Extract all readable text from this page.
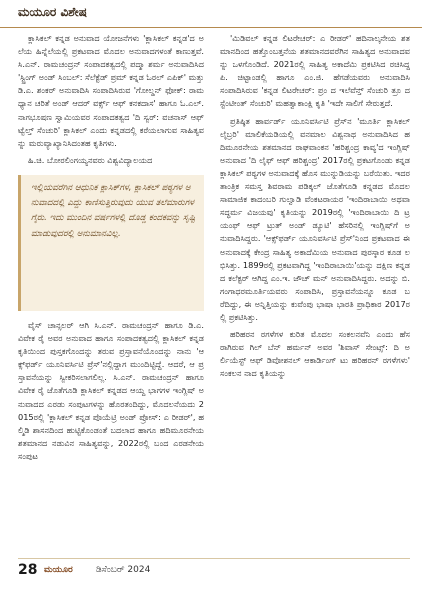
ಮಯೂರ ವಿಶೇಷ

ಕ್ಲಾಸಿಕಲ್ ಕನ್ನಡ ಅನುವಾದ ಯೋಜನೆಗಳು 'ಕ್ಲಾಸಿಕಲ್ ಕನ್ನಡ'ದ ಅಲೆಯ ಹಿನ್ನೆಲೆಯಲ್ಲಿ ಪ್ರಕಟವಾದ ಮೊದಲ ಅನುವಾದಗಳಂತೆ ಕಾಣುತ್ತವೆ. ಸಿ.ಎನ್. ರಾಮಚಂದ್ರನ್ ಸಂಪಾದಕತ್ವದಲ್ಲಿ ಪದ್ಮಾ ಶರ್ಮ ಅನುವಾದಿಸಿದ 'ಸ್ಟ್ರಿಂಗ್ ಅಂಡ್ ಸಿಂಬಲ್: ಸೆಲೆಕ್ಟೆಡ್ ಪ್ರಮ್ ಕನ್ನಡ ಓರಲ್ ಎಪಿಕ್' ಮತ್ತು ಡಿ.ಎ. ಶಂಕರ್ ಅನುವಾದಿಸಿ ಸಂಪಾದಿಸಿರುವ 'ಗೋಲ್ಡನ್ ಫೋಕ್: ರಾಮಧ್ಯಾನ ಚರಿತೆ ಅಂಡ್ ಆದರ್ ವರ್ಕ್ಸ್ ಆಫ್ ಕನಕದಾಸ' ಹಾಗೂ ಓ.ಎಲ್. ನಾಗಭೂಷಣ ಸ್ವಾಮಿಯವರ ಸಂಪಾದಕತ್ವದ 'ದಿ ಸ್ವರ್: ವಚನಾಸ್ ಆಫ್ ಟ್ವೆಲ್ತ್ ಸೆಂಚುರಿ' ಕ್ಲಾಸಿಕಲ್ ಎಂದು ಕನ್ನಡದಲ್ಲಿ ಕರೆಯಲಾಗುವ ಸಾಹಿತ್ಯವನ್ನು ಮರುವ್ಯಾಖ್ಯಾನಿಸಿದಂತಹ ಕೃತಿಗಳು.

ಹಿ.ಚಿ. ಬೋರಲಿಂಗಯ್ಯನವರು ವಿಶ್ವವಿದ್ಯಾಲಯದ

ಇಲ್ಲಿಯವರೆಗಿನ ಆಧುನಿಕ ಕ್ಲಾಸಿಕ್‌ಗಳ, ಕ್ಲಾಸಿಕಲ್ ಪಠ್ಯಗಳ ಅನುವಾದದಲ್ಲಿ ಎದ್ದು ಕಾಣಿಸುತ್ತಿರುವುದು ಯುವ ತಲೆಮಾರುಗಳ ಗೈರು. ಇದು ಮುಂದಿನ ವರ್ಷಗಳಲ್ಲಿ ದೊಡ್ಡ ಕಂದಕವನ್ನು ಸೃಷ್ಟಿ ಮಾಡುವುದರಲ್ಲಿ ಅನುಮಾನವಿಲ್ಲ.

ವೈಸ್ ಚಾನ್ಸಲರ್ ಆಗಿ ಸಿ.ಎನ್. ರಾಮಚಂದ್ರನ್ ಹಾಗೂ ಡಿ.ಎ. ವಿವೇಕ ರೈ ಅವರ ಅನುವಾದ ಹಾಗೂ ಸಂಪಾದಕತ್ವದಲ್ಲಿ ಕ್ಲಾಸಿಕಲ್ ಕನ್ನಡ ಕೃತಿಯಿಂದ ಪುಸ್ತಕಗೊಂದನ್ನು ತರುವ ಪ್ರಸ್ತಾವನೆಯೊಂದನ್ನು ನಾನು 'ಆಕ್ಸ್‌ಫರ್ಡ್ ಯೂನಿವರ್ಸಿಟಿ ಪ್ರೆಸ್'ನಲ್ಲಿದ್ದಾಗ ಮುಂದಿಟ್ಟಿದ್ದೆ. ಆದರೆ, ಆ ಪ್ರಸ್ತಾವನೆಯನ್ನು ಸ್ವೀಕರಿಸಲಾಗಲಿಲ್ಲ. ಸಿ.ಎನ್. ರಾಮಚಂದ್ರನ್ ಹಾಗೂ ವಿವೇಕ ರೈ ಜೊತೆಗೂಡಿ ಕ್ಲಾಸಿಕಲ್ ಕನ್ನಡದ ಆಯ್ದ ಭಾಗಗಳ ಇಂಗ್ಲಿಷ್ ಅನುವಾದದ ಎರಡು ಸಂಪುಟಗಳನ್ನು ಹೊರತಂದಿದ್ದು, ಮೊದಲನೆಯದು 2015ರಲ್ಲಿ 'ಕ್ಲಾಸಿಕಲ್ ಕನ್ನಡ ಪೊಯೆಟ್ರಿ ಅಂಡ್ ಪ್ರೋಸ್: ಎ ರೀಡರ್', ಹಲ್ಮಿಡಿ ಶಾಸನದಿಂದ ಹುಟ್ಟಿಕೊಂಡಂತೆ ಬದಲಾದ ಹಾಗೂ ಹದಿಮೂರನೇಯ ಶತಮಾನದ ನಡುವಿನ ಸಾಹಿತ್ಯವನ್ನು, 2022ರಲ್ಲಿ ಬಂದ ಎರಡನೇಯ ಸಂಪುಟ

'ಮಿಡಿವಲ್ ಕನ್ನಡ ಲಿಟರೇಚರ್: ಎ ರೀಡರ್' ಹದಿನಾಲ್ಕನೇಯ ಶತಮಾನದಿಂದ ಹತ್ತೊಂಬತ್ತನೆಯ ಶತಮಾನದವರೆಗಿನ ಸಾಹಿತ್ಯದ ಅನುವಾದವನ್ನು ಒಳಗೊಂಡಿದೆ. 2021ರಲ್ಲಿ ಸಾಹಿತ್ಯ ಅಕಾದೆಮಿ ಪ್ರಕಟಿಸಿದ ರಚಿಸಿದ್ದ ಪಿ. ಚಿಟ್ಟಾಂಡಲ್ಲಿ ಹಾಗೂ ಎಂ.ಜಿ. ಹೆಗಡೆಯವರು ಅನುವಾದಿಸಿ ಸಂಪಾದಿಸಿರುವ 'ಕನ್ನಡ ಲಿಟರೇಚರ್: ಪ್ರಂ ದ ಇಲೆವೆನ್ತ್ ಸೆಂಚುರಿ ತ್ರೂ ದ ಸ್ಟೆಂಟೀಂತ್ ಸೆಂಚುರಿ' ಮಹತ್ವಾಕಾಂಕ್ಷಿ ಕೃತಿ 'ಇದೇ ಸಾಲಿಗೆ ಸೇರುತ್ತದೆ.

ಪ್ರತಿಷ್ಠಿತ ಹಾರ್ವರ್ಡ್ ಯೂನಿವರ್ಸಿಟಿ ಪ್ರೆಸ್‌ನ 'ಮೂರ್ತಿ ಕ್ಲಾಸಿಕಲ್ ಲೈಬ್ರರಿ' ಮಾಲಿಕೆಯಡಿಯಲ್ಲಿ ವನಮಾಲ ವಿಶ್ವನಾಥ ಅನುವಾದಿಸಿದ ಹದಿಮೂರನೇಯ ಶತಮಾನದ ರಾಘವಾಂಕನ 'ಹರಿಶ್ಚಂದ್ರ ಕಾವ್ಯ'ದ ಇಂಗ್ಲಿಷ್ ಅನುವಾದ 'ದಿ ಲೈಫ್ ಆಫ್ ಹರಿಶ್ಚಂದ್ರ' 2017ರಲ್ಲಿ ಪ್ರಕಟಗೊಂಡು ಕನ್ನಡ ಕ್ಲಾಸಿಕಲ್ ಪಠ್ಯಗಳ ಅನುವಾದಕ್ಕೆ ಹೊಸ ಮುನ್ನುಡಿಯನ್ನು ಬರೆಯಿತು. ಇದರ ತಾಂತ್ರಿಕ ಸಮಸ್ತ ಶಿವರಾಮ ಪಡಿಕ್ಕಲ್ ಜೊತೆಗೂಡಿ ಕನ್ನಡದ ಮೊದಲ ಸಾಮಾಜಿಕ ಕಾದಂಬರಿ ಗುಲ್ವಾಡಿ ವೆಂಕಟರಾಯರ 'ಇಂದಿರಾಬಾಯಿ ಅಥವಾ ಸದ್ಧರ್ಮ ವಿಜಯವು' ಕೃತಿಯನ್ನು 2019ರಲ್ಲಿ 'ಇಂದಿರಾಬಾಯಿ ದಿ ಟ್ರಯಂಫ್ ಆಫ್ ಟ್ರುತ್ ಅಂಡ್ ಡ್ಯೂಟಿ' ಹೆಸರಿನಲ್ಲಿ ಇಂಗ್ಲಿಷ್‌ಗೆ ಅನುವಾದಿಸಿದ್ದರು. 'ಆಕ್ಸ್‌ಫರ್ಡ್ ಯೂನಿವರ್ಸಿಟಿ ಪ್ರೆಸ್'ನಿಂದ ಪ್ರಕಟವಾದ ಈ ಅನುವಾದಕ್ಕೆ ಕೇಂದ್ರ ಸಾಹಿತ್ಯ ಅಕಾದೆಮಿಯ ಅನುವಾದ ಪುರಸ್ಕಾರ ಕೂಡ ಲಭಿಸಿತ್ತು. 1899ರಲ್ಲಿ ಪ್ರಕಟವಾಗಿದ್ದ 'ಇಂದಿರಾಬಾಯಿ'ಯನ್ನು ದಕ್ಷಿಣ ಕನ್ನಡದ ಕಲೆಕ್ಟರ್ ಆಗಿದ್ದ ಎಂ.ಇ. ಜೌಚ್ ಮನ್ ಅನುವಾದಿಸಿದ್ದರು. ಅದನ್ನು ಬಿ. ಗಂಗಾಧರಮೂರ್ತಿಯವರು ಸಂಪಾದಿಸಿ, ಪ್ರಸ್ತಾವನೆಯನ್ನೂ ಕೂಡ ಬರೆದಿದ್ದು, ಈ ಅನ್ನಿತ್ತಿಯನ್ನು ಕುವೆಂಪು ಭಾಷಾ ಭಾರತಿ ಪ್ರಾಧಿಕಾರ 2017ರಲ್ಲಿ ಪ್ರಕಟಿಸಿತ್ತು.

ಹರಿಹರನ ರಗಳೆಗಳ ಕುರಿತ ಮೊದಲ ಸಂಕಲನವೆನಿ ಎಂದು ಹೆಸರಾಗಿರುವ ಗಿಲ್ ಬೆನ್ ಹರ್ಮನ್ ಅವರ 'ಶಿವಾಸ್ ಸೇಂಟ್ಸ್: ದಿ ಅರ್ಲಿಯೆಸ್ಟ್ ಆಫ್ ಡಿವೋಶನಲ್ ಆಕಾರ್ಡಿಂಗ್ ಟು ಹರಿಹರನ್ ರಗಳೆಗಳು' ಸಂಕಲನ ನಾದ ಕೃತಿಯನ್ನು

28 ಮಯೂರ	ಡಿಸೆಂಬರ್ 2024
